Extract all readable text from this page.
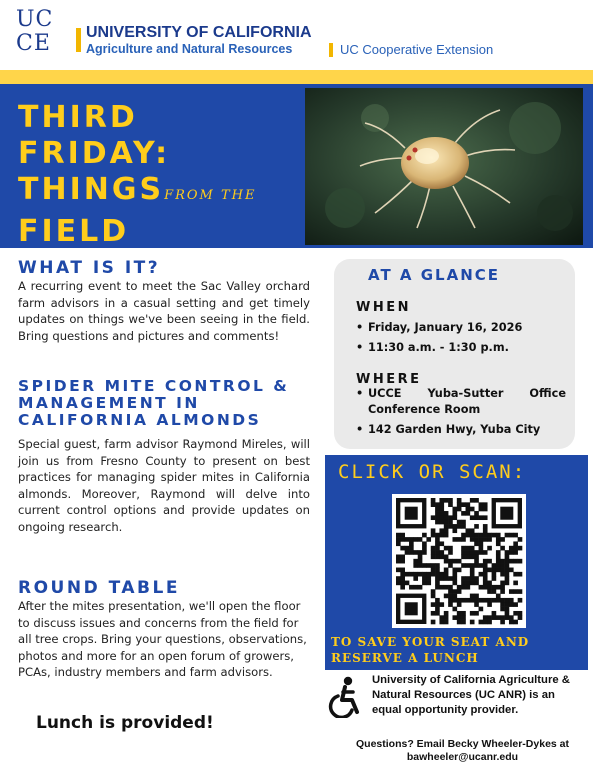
UC
CE	UNIVERSITY OF CALIFORNIA
Agriculture and Natural Resources	UC Cooperative Extension
THIRD
FRIDAY:
THINGSFROM THE
FIELD
WHAT IS IT?
A recurring event to meet the Sac Valley orchard farm advisors in a casual setting and get timely updates on things we've been seeing in the field. Bring questions and pictures and comments!
SPIDER MITE CONTROL & MANAGEMENT IN CALIFORNIA ALMONDS
Special guest, farm advisor Raymond Mireles, will join us from Fresno County to present on best practices for managing spider mites in California almonds. Moreover, Raymond will delve into current control options and provide updates on ongoing research.
ROUND TABLE
After the mites presentation, we'll open the floor to discuss issues and concerns from the field for all tree crops. Bring your questions, observations, photos and more for an open forum of growers, PCAs, industry members and farm advisors.
Lunch is provided!
AT A GLANCE
WHEN
• Friday, January 16, 2026
• 11:30 a.m. - 1:30 p.m.
WHERE
• UCCE Yuba-Sutter Office Conference Room
• 142 Garden Hwy, Yuba City
CLICK OR SCAN:
TO SAVE YOUR SEAT AND RESERVE A LUNCH
University of California Agriculture & Natural Resources (UC ANR) is an equal opportunity provider.
Questions? Email Becky Wheeler-Dykes at bawheeler@ucanr.edu
